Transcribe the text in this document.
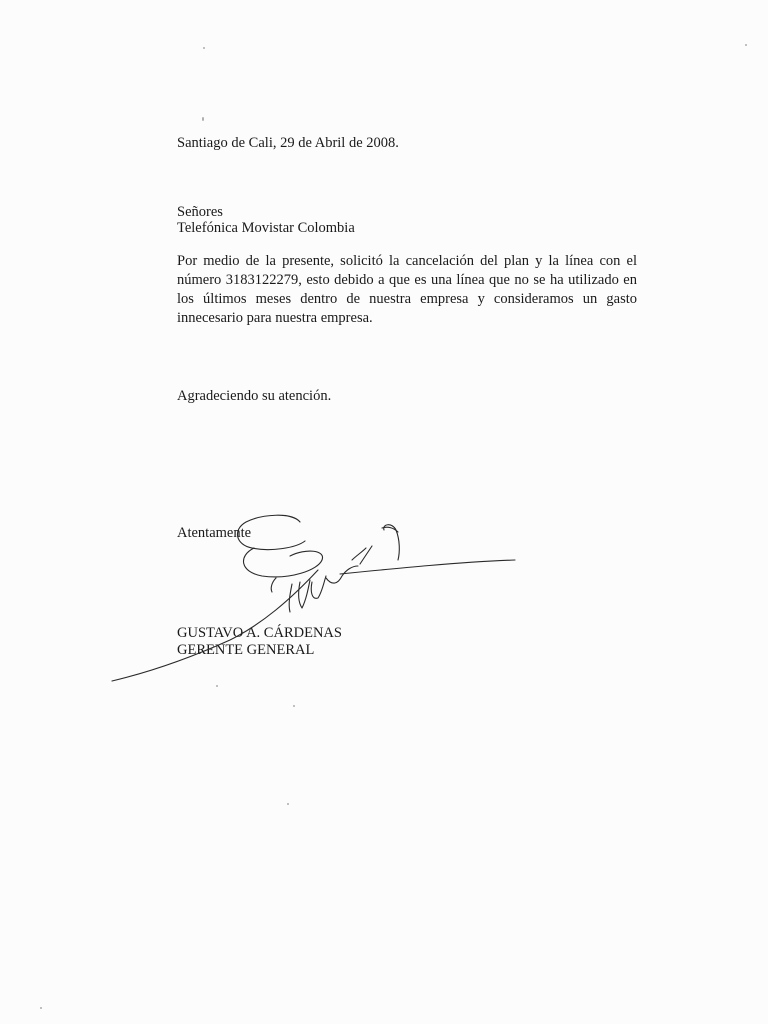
Santiago de Cali, 29 de Abril de 2008.
Señores
Telefónica Movistar Colombia
Por medio de la presente, solicitó la cancelación del plan y la línea con el
número 3183122279, esto debido a que es una línea que no se ha utilizado en
los últimos meses dentro de nuestra empresa y consideramos un gasto
innecesario para nuestra empresa.
Agradeciendo su atención.
Atentamente
GUSTAVO A. CÁRDENAS
GERENTE GENERAL
